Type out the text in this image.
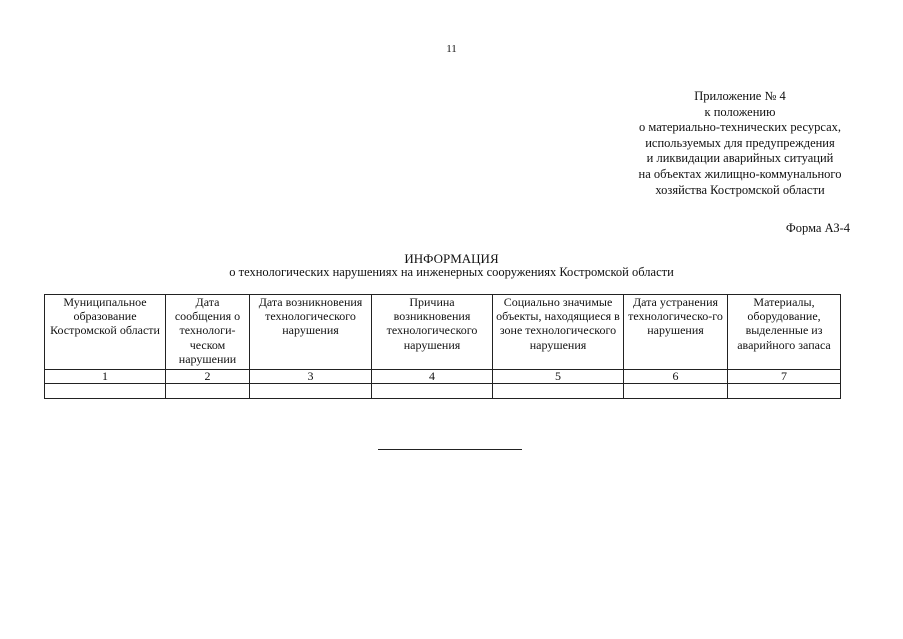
11
Приложение № 4
к положению
о материально-технических ресурсах,
используемых для предупреждения
и ликвидации аварийных ситуаций
на объектах жилищно-коммунального
хозяйства Костромской области
Форма АЗ-4
ИНФОРМАЦИЯ
о технологических нарушениях на инженерных сооружениях Костромской области
Муниципальное образование Костромской области	Дата сообщения о технологи-ческом нарушении	Дата возникновения технологического нарушения	Причина возникновения технологического нарушения	Социально значимые объекты, находящиеся в зоне технологического нарушения	Дата устранения технологическо-го нарушения	Материалы, оборудование, выделенные из аварийного запаса
1	2	3	4	5	6	7
